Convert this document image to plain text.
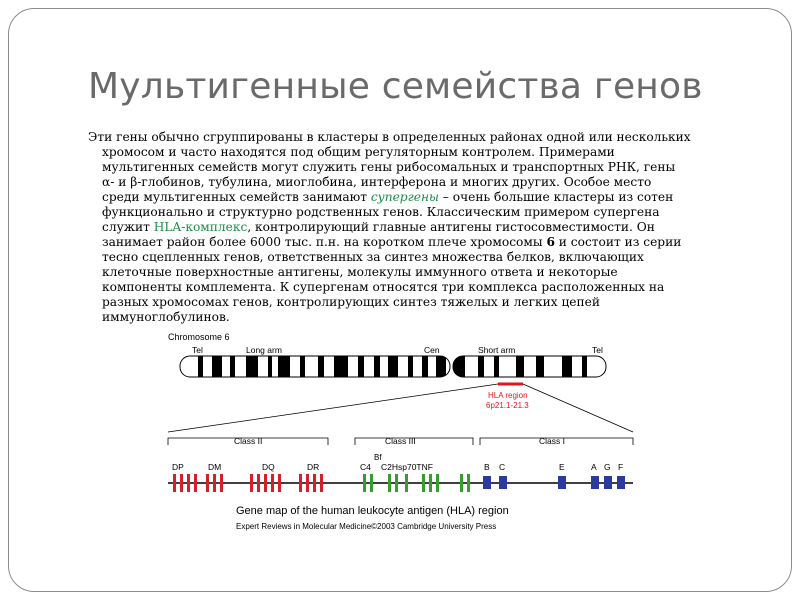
Мультигенные семейства генов

Эти гены обычно сгруппированы в кластеры в определенных районах одной или нескольких
хромосом и часто находятся под общим регуляторным контролем. Примерами
мультигенных семейств могут служить гены рибосомальных и транспортных РНК, гены
α- и β-глобинов, тубулина, миоглобина, интерферона и многих других. Особое место
среди мультигенных семейств занимают супергены – очень большие кластеры из сотен
функционально и структурно родственных генов. Классическим примером супергена
служит HLA-комплекс, контролирующий главные антигены гистосовместимости. Он
занимает район более 6000 тыс. п.н. на коротком плече хромосомы 6 и состоит из серии
тесно сцепленных генов, ответственных за синтез множества белков, включающих
клеточные поверхностные антигены, молекулы иммунного ответа и некоторые
компоненты комплемента. К супергенам относятся три комплекса расположенных на
разных хромосомах генов, контролирующих синтез тяжелых и легких цепей
иммуноглобулинов.

Chromosome 6
Tel	Long arm	Cen	Short arm	Tel
HLA region
6p21.1-21.3
Class II	Class III	Class I
DP	DM	DQ	DR
Bf
C4 C2Hsp70TNF	B C	E	A G F
Gene map of the human leukocyte antigen (HLA) region
Expert Reviews in Molecular Medicine©2003 Cambridge University Press
